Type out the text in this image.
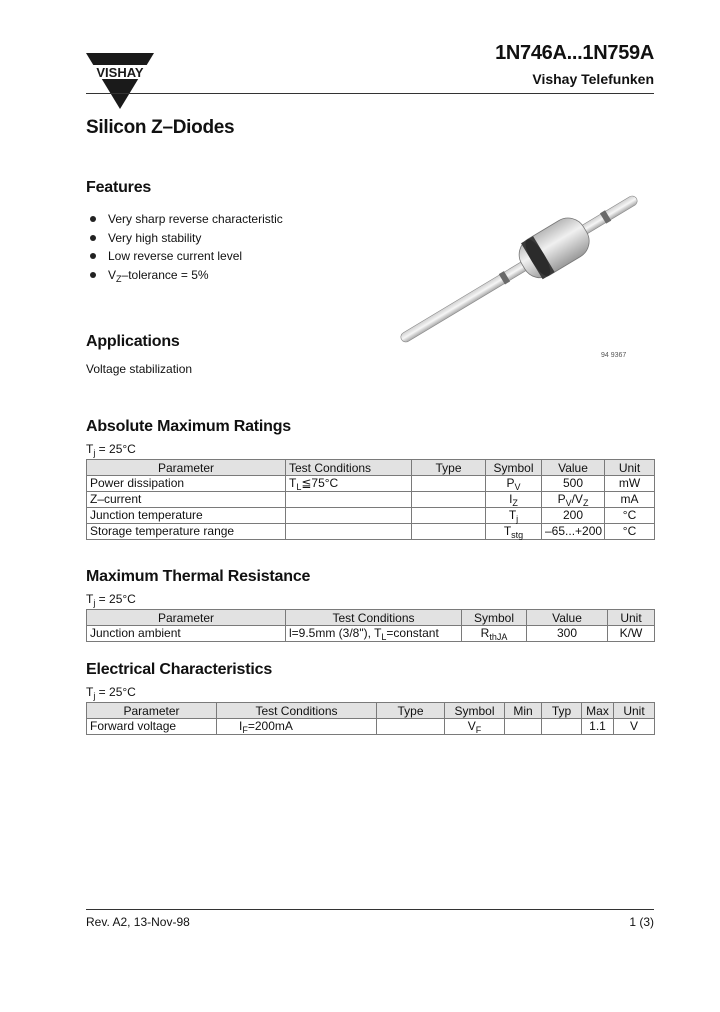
VISHAY
1N746A...1N759A
Vishay Telefunken
Silicon Z–Diodes
Features
Very sharp reverse characteristic
Very high stability
Low reverse current level
$V_Z$–tolerance = 5%
94 9367
Applications
Voltage stabilization
Absolute Maximum Ratings
$T_j = 25^\circ C$
Parameter	Test Conditions	Type	Symbol	Value	Unit
Power dissipation	$T_L≦75^\circ C$		$P_V$	500	mW
Z–current			$I_Z$	$P_V/V_Z$	mA
Junction temperature			$T_j$	200	°C
Storage temperature range			$T_{stg}$	–65...+200	°C
Maximum Thermal Resistance
$T_j = 25^\circ C$
Parameter	Test Conditions	Symbol	Value	Unit
Junction ambient	l=9.5mm (3/8"), $T_L=constant$	$R_{thJA}$	300	K/W
Electrical Characteristics
$T_j = 25^\circ C$
Parameter	Test Conditions	Type	Symbol	Min	Typ	Max	Unit
Forward voltage	$I_F=200mA$		$V_F$			1.1	V
Rev. A2, 13-Nov-98	1 (3)
